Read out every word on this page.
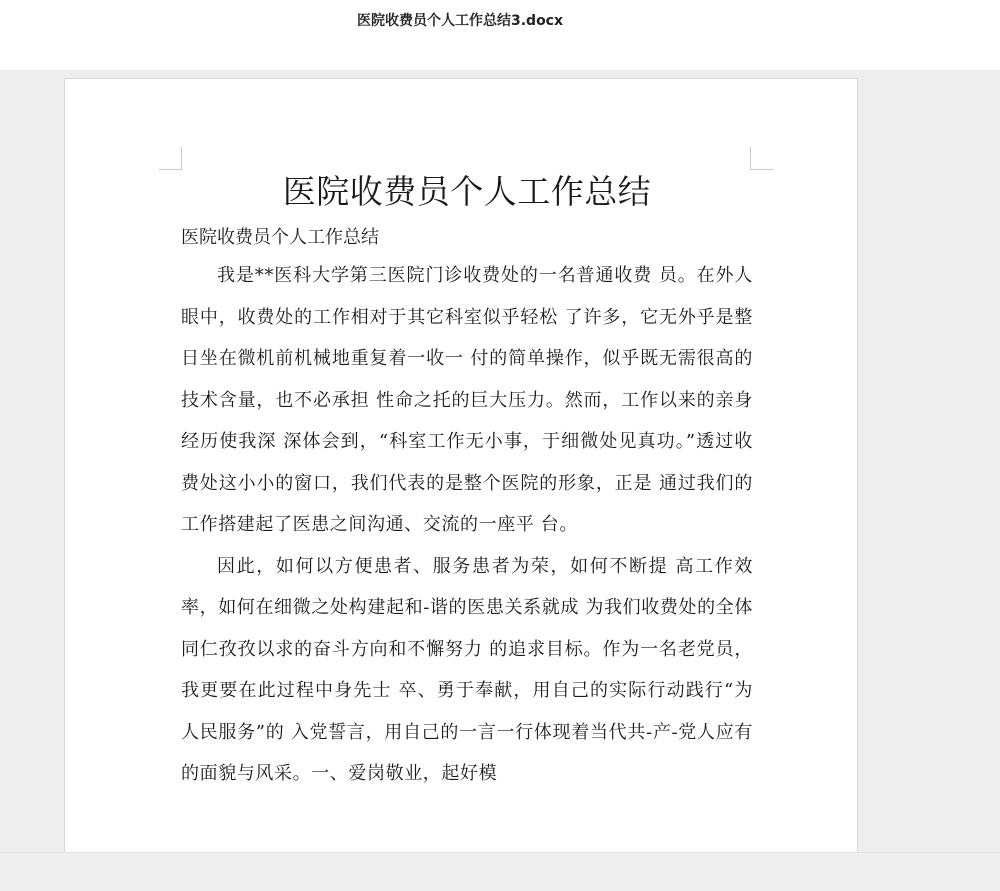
医院收费员个人工作总结3.docx
医院收费员个人工作总结
医院收费员个人工作总结

我是**医科大学第三医院门诊收费处的一名普通收费 员。在外人眼中，收费处的工作相对于其它科室似乎轻松 了许多，它无外乎是整日坐在微机前机械地重复着一收一 付的简单操作，似乎既无需很高的技术含量，也不必承担 性命之托的巨大压力。然而，工作以来的亲身经历使我深 深体会到，“科室工作无小事，于细微处见真功。”透过收 费处这小小的窗口，我们代表的是整个医院的形象，正是 通过我们的工作搭建起了医患之间沟通、交流的一座平 台。

因此，如何以方便患者、服务患者为荣，如何不断提 高工作效率，如何在细微之处构建起和-谐的医患关系就成 为我们收费处的全体同仁孜孜以求的奋斗方向和不懈努力 的追求目标。作为一名老党员，我更要在此过程中身先士 卒、勇于奉献，用自己的实际行动践行“为人民服务”的 入党誓言，用自己的一言一行体现着当代共-产-党人应有 的面貌与风采。一、爱岗敬业，起好模
